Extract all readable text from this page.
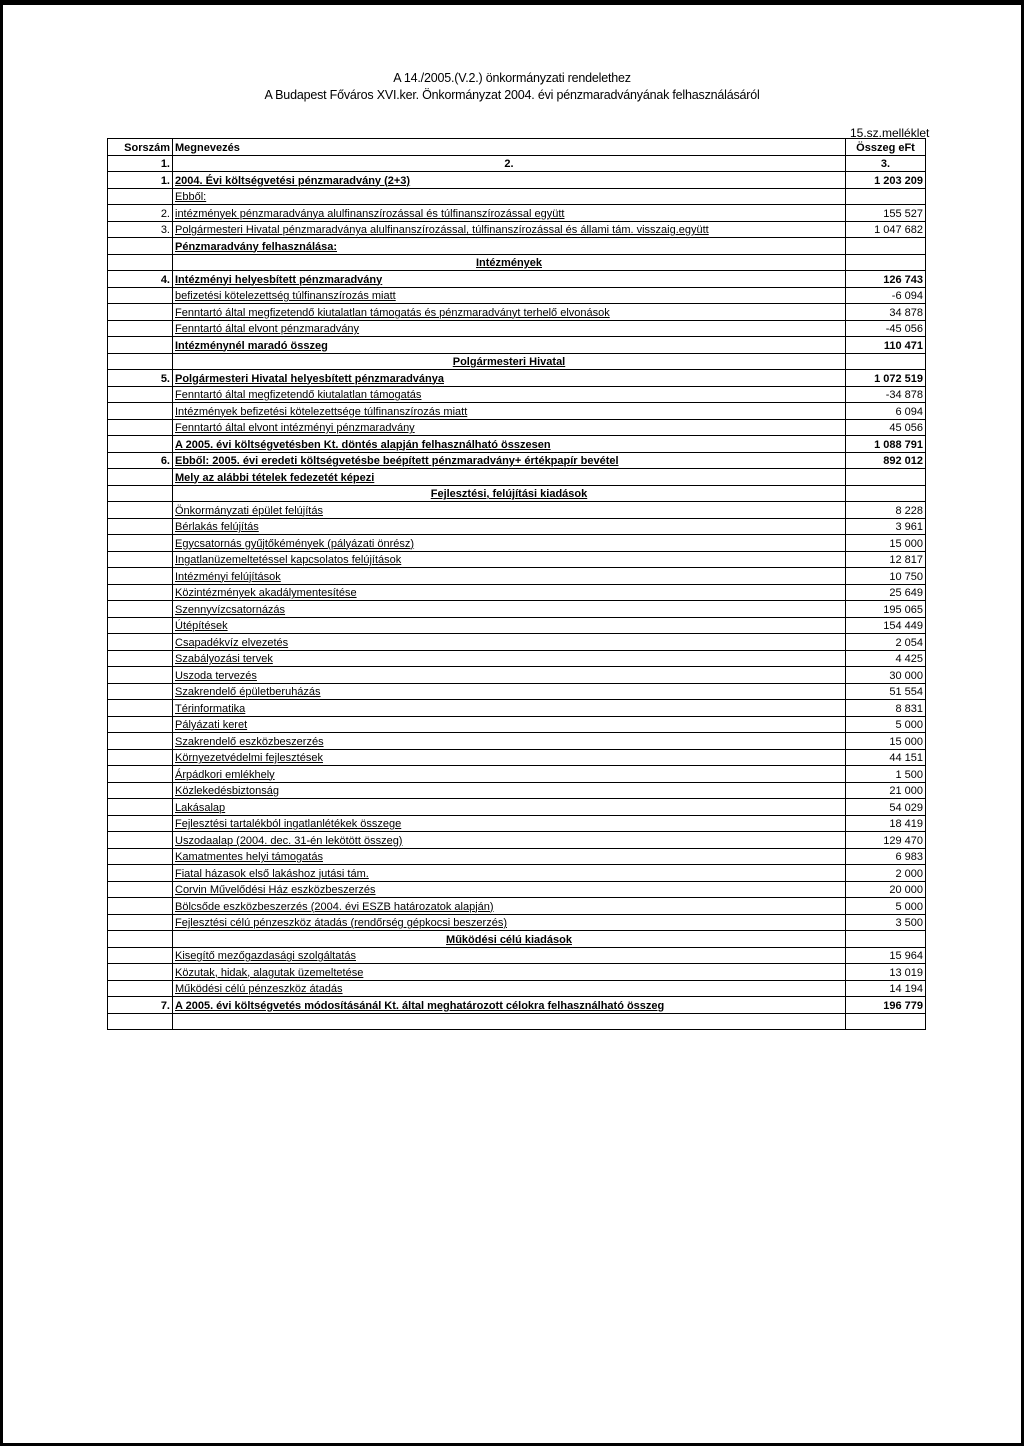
A 14./2005.(V.2.) önkormányzati rendelethez
A Budapest Főváros XVI.ker. Önkormányzat 2004. évi pénzmaradványának felhasználásáról
15.sz.melléklet
Sorszám	Megnevezés	Összeg eFt
1.	2.	3.
1.	2004. Évi költségvetési pénzmaradvány (2+3)	1 203 209
	Ebből:	
2.	intézmények pénzmaradványa alulfinanszírozással és túlfinanszírozással együtt	155 527
3.	Polgármesteri Hivatal pénzmaradványa alulfinanszírozással, túlfinanszírozással és állami tám. visszaig.együtt	1 047 682
	Pénzmaradvány felhasználása:	
	Intézmények	
4.	Intézményi helyesbített pénzmaradvány	126 743
	befizetési kötelezettség túlfinanszírozás miatt	-6 094
	Fenntartó által megfizetendő kiutalatlan támogatás és pénzmaradványt terhelő elvonások	34 878
	Fenntartó által elvont pénzmaradvány	-45 056
	Intézménynél maradó összeg	110 471
	Polgármesteri Hivatal	
5.	Polgármesteri Hivatal helyesbített pénzmaradványa	1 072 519
	Fenntartó által megfizetendő kiutalatlan támogatás	-34 878
	Intézmények befizetési kötelezettsége túlfinanszírozás miatt	6 094
	Fenntartó által elvont intézményi pénzmaradvány	45 056
	A 2005. évi költségvetésben Kt. döntés alapján felhasználható összesen	1 088 791
6.	Ebből: 2005. évi eredeti költségvetésbe beépített pénzmaradvány+ értékpapír bevétel	892 012
	Mely az alábbi tételek fedezetét képezi	
	Fejlesztési, felújítási kiadások	
	Önkormányzati épület felújítás	8 228
	Bérlakás felújítás	3 961
	Egycsatornás gyűjtőkémények (pályázati önrész)	15 000
	Ingatlanüzemeltetéssel kapcsolatos felújítások	12 817
	Intézményi felújítások	10 750
	Közintézmények akadálymentesítése	25 649
	Szennyvízcsatornázás	195 065
	Útépítések	154 449
	Csapadékvíz elvezetés	2 054
	Szabályozási tervek	4 425
	Uszoda tervezés	30 000
	Szakrendelő épületberuházás	51 554
	Térinformatika	8 831
	Pályázati keret	5 000
	Szakrendelő eszközbeszerzés	15 000
	Környezetvédelmi fejlesztések	44 151
	Árpádkori emlékhely	1 500
	Közlekedésbiztonság	21 000
	Lakásalap	54 029
	Fejlesztési tartalékból ingatlanlétékek összege	18 419
	Uszodaalap (2004. dec. 31-én lekötött összeg)	129 470
	Kamatmentes helyi támogatás	6 983
	Fiatal házasok első lakáshoz jutási tám.	2 000
	Corvin Művelődési Ház eszközbeszerzés	20 000
	Bölcsőde eszközbeszerzés (2004. évi ESZB határozatok alapján)	5 000
	Fejlesztési célú pénzeszköz átadás (rendőrség gépkocsi beszerzés)	3 500
	Működési célú kiadások	
	Kisegítő mezőgazdasági szolgáltatás	15 964
	Közutak, hidak, alagutak üzemeltetése	13 019
	Működési célú pénzeszköz átadás	14 194
7.	A 2005. évi költségvetés módosításánál Kt. által meghatározott célokra felhasználható összeg	196 779
